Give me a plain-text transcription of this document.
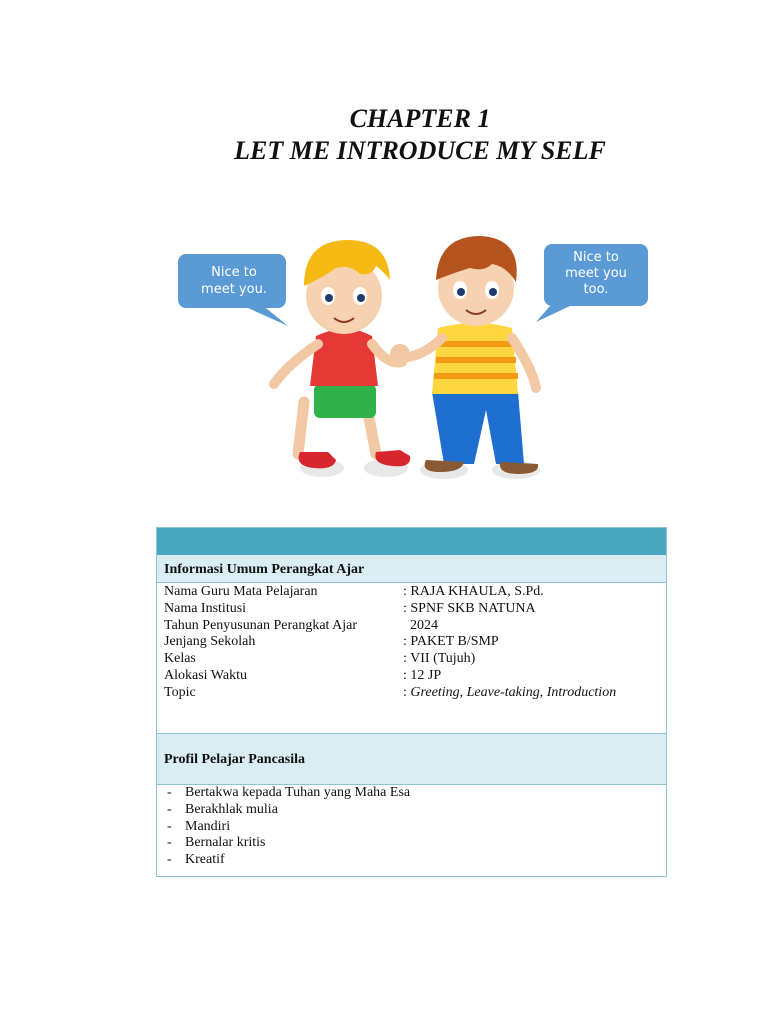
CHAPTER 1
LET ME INTRODUCE MY SELF
Nice to
meet you.
Nice to
meet you
too.
Informasi Umum Perangkat Ajar
Nama Guru Mata Pelajaran	: RAJA KHAULA, S.Pd.
Nama Institusi	: SPNF SKB NATUNA
Tahun Penyusunan Perangkat Ajar	2024
Jenjang Sekolah	: PAKET B/SMP
Kelas	: VII (Tujuh)
Alokasi Waktu	: 12 JP
Topic	: Greeting, Leave-taking, Introduction
Profil Pelajar Pancasila
- Bertakwa kepada Tuhan yang Maha Esa
- Berakhlak mulia
- Mandiri
- Bernalar kritis
- Kreatif
